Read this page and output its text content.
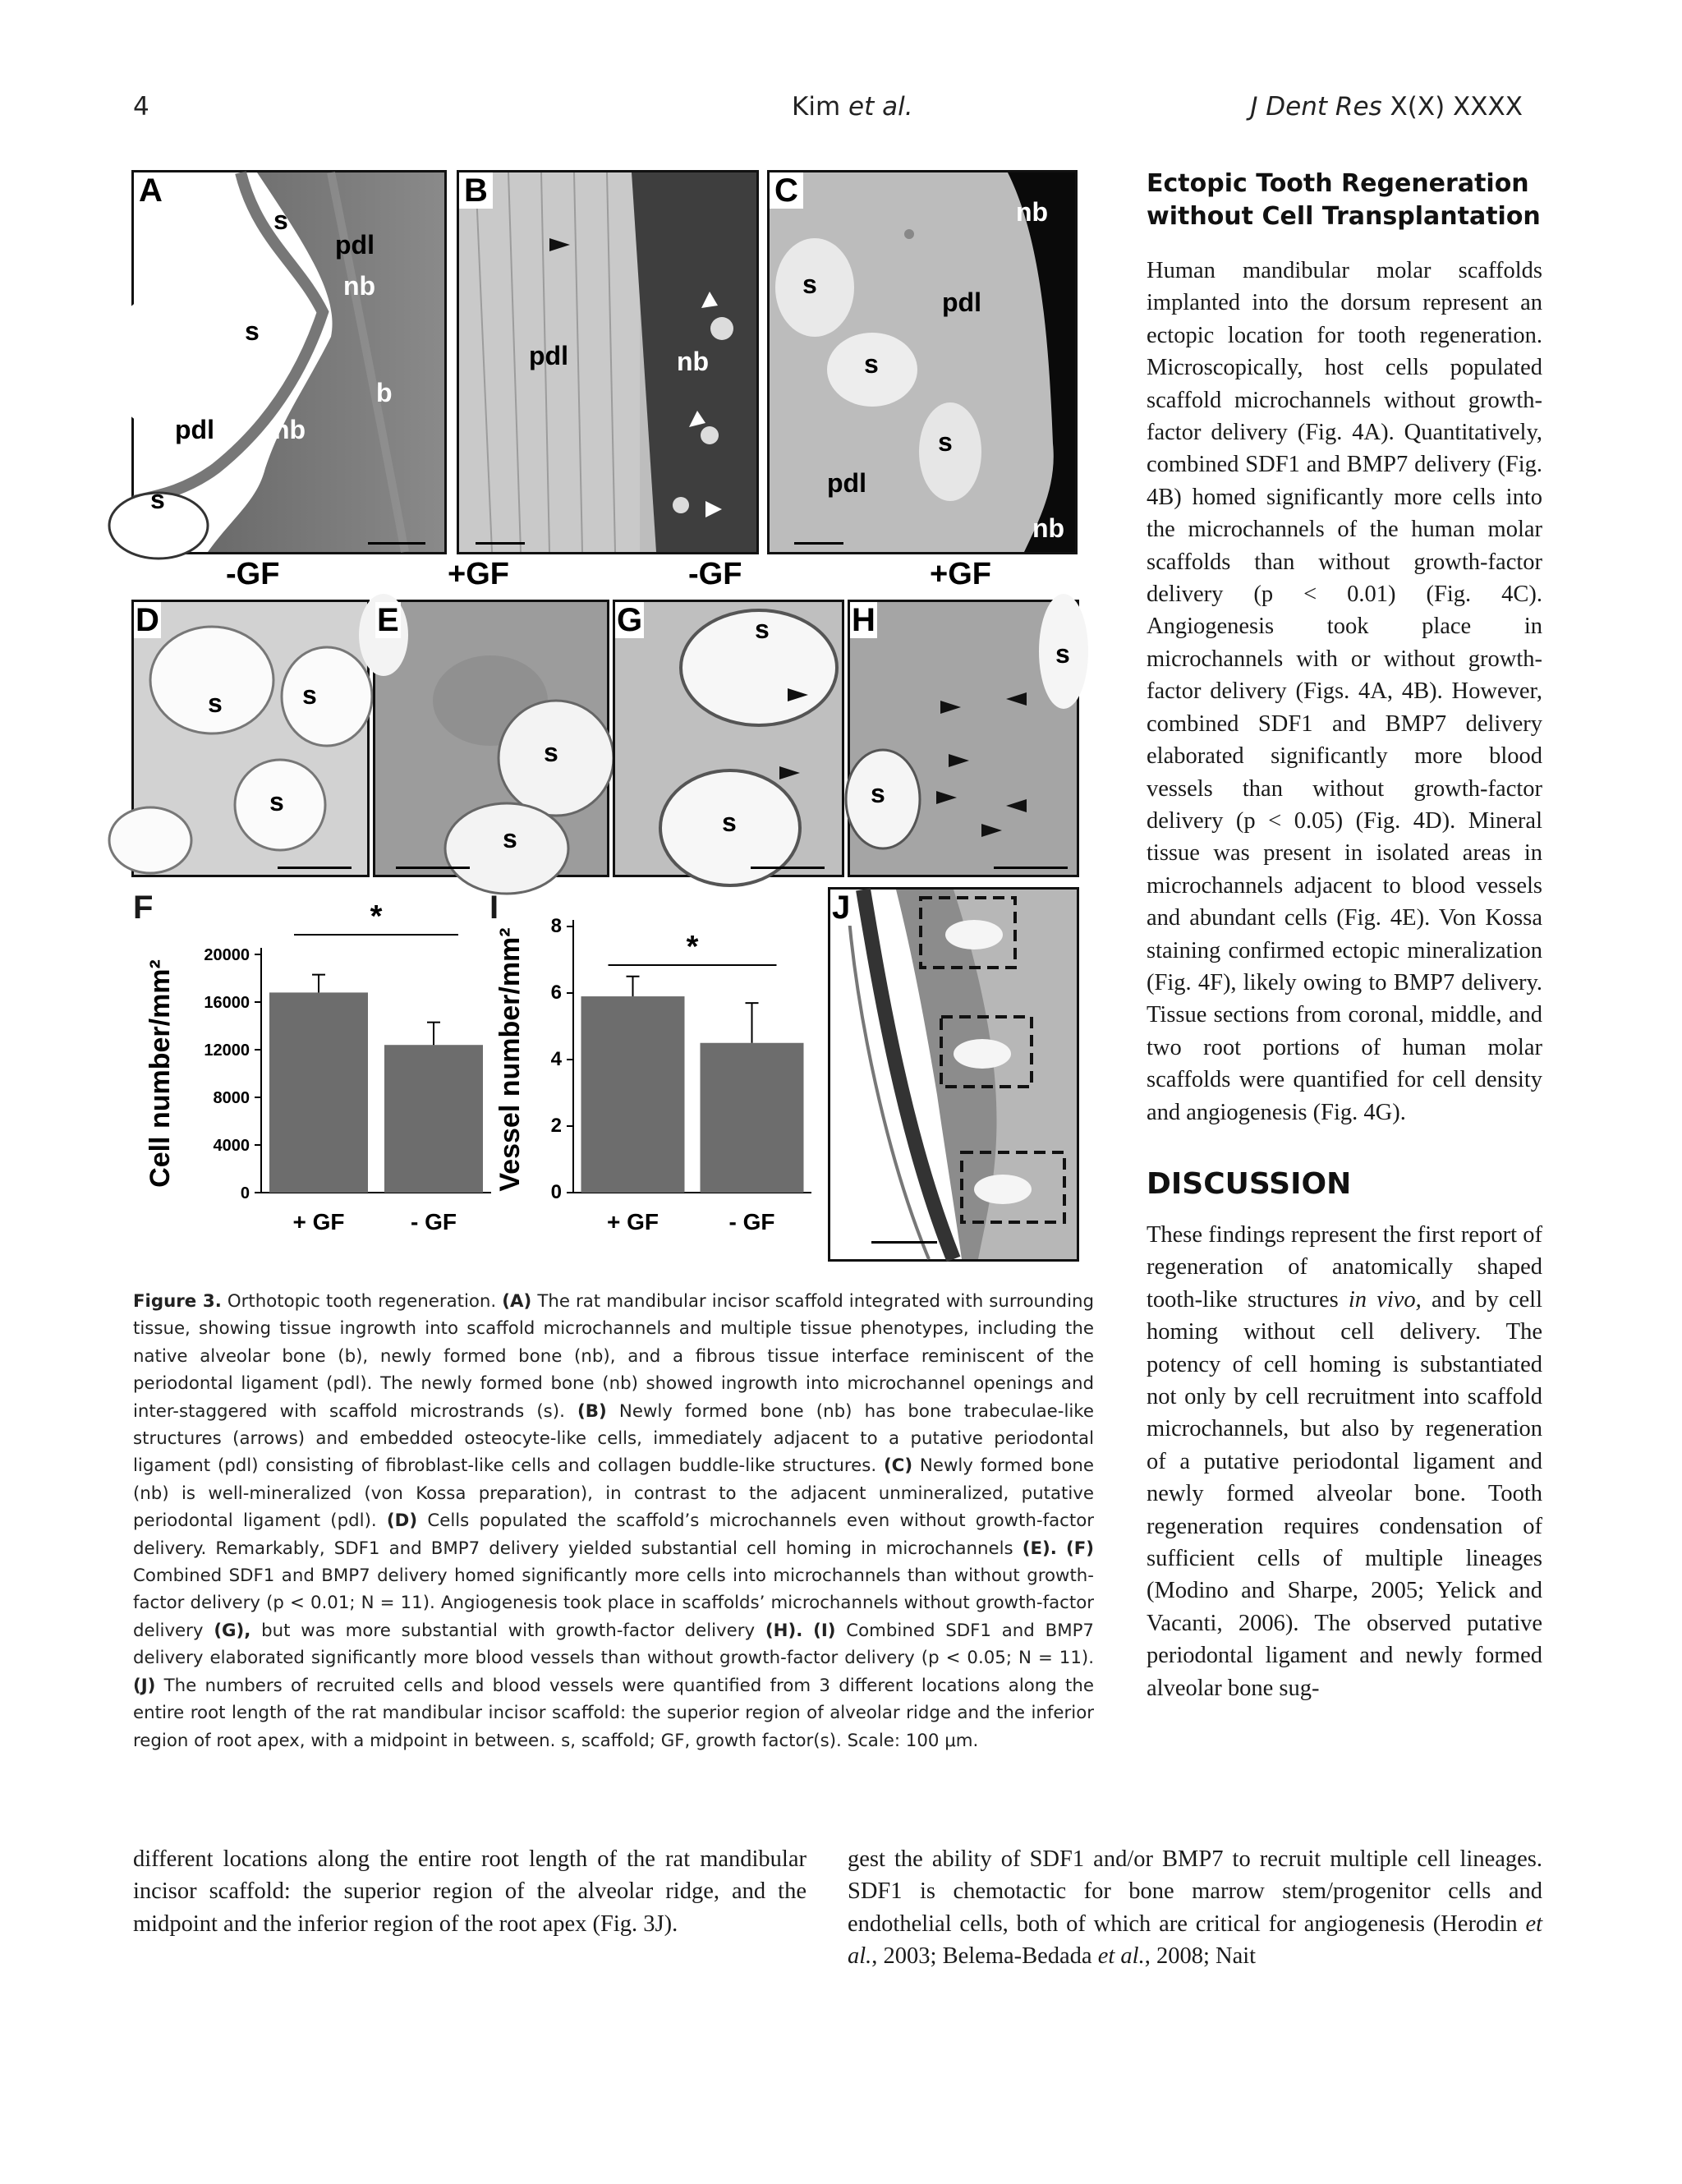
4	Kim et al.	J Dent Res X(X) XXXX
A
s
pdl
nb
s
b
pdl nb
s
B
pdl	nb
C
nb
s
pdl
s
s
pdl
nb
-GF	+GF	-GF	+GF
D
s	s
s
E
s
s
G	s
s
H
s
s
F	I
Cell number/mm²
0
4000
8000
12000
16000
20000
+ GF	- GF
*
Vessel number/mm²
0
2
4
6
8
+ GF	- GF
*
J
Figure 3. Orthotopic tooth regeneration. (A) The rat mandibular incisor scaffold integrated with surrounding tissue, showing tissue ingrowth into scaffold microchannels and multiple tissue phenotypes, including the native alveolar bone (b), newly formed bone (nb), and a fibrous tissue interface reminiscent of the periodontal ligament (pdl). The newly formed bone (nb) showed ingrowth into microchannel openings and inter-staggered with scaffold microstrands (s). (B) Newly formed bone (nb) has bone trabeculae-like structures (arrows) and embedded osteocyte-like cells, immediately adjacent to a putative periodontal ligament (pdl) consisting of fibroblast-like cells and collagen buddle-like structures. (C) Newly formed bone (nb) is well-mineralized (von Kossa preparation), in contrast to the adjacent unmineralized, putative periodontal ligament (pdl). (D) Cells populated the scaffold’s microchannels even without growth-factor delivery. Remarkably, SDF1 and BMP7 delivery yielded substantial cell homing in microchannels (E). (F) Combined SDF1 and BMP7 delivery homed significantly more cells into microchannels than without growth-factor delivery (p < 0.01; N = 11). Angiogenesis took place in scaffolds’ microchannels without growth-factor delivery (G), but was more substantial with growth-factor delivery (H). (I) Combined SDF1 and BMP7 delivery elaborated significantly more blood vessels than without growth-factor delivery (p < 0.05; N = 11). (J) The numbers of recruited cells and blood vessels were quantified from 3 different locations along the entire root length of the rat mandibular incisor scaffold: the superior region of alveolar ridge and the inferior region of root apex, with a midpoint in between. s, scaffold; GF, growth factor(s). Scale: 100 μm.
Ectopic Tooth Regeneration
without Cell Transplantation
Human mandibular molar scaffolds implanted into the dorsum represent an ectopic location for tooth regeneration. Microscopically, host cells populated scaffold microchannels without growth-factor delivery (Fig. 4A). Quantitatively, combined SDF1 and BMP7 delivery (Fig. 4B) homed significantly more cells into the microchannels of the human molar scaffolds than without growth-factor delivery (p < 0.01) (Fig. 4C). Angiogenesis took place in microchannels with or without growth-factor delivery (Figs. 4A, 4B). However, combined SDF1 and BMP7 delivery elaborated significantly more blood vessels than without growth-factor delivery (p < 0.05) (Fig. 4D). Mineral tissue was present in isolated areas in microchannels adjacent to blood vessels and abundant cells (Fig. 4E). Von Kossa staining confirmed ectopic mineralization (Fig. 4F), likely owing to BMP7 delivery. Tissue sections from coronal, middle, and two root portions of human molar scaffolds were quantified for cell density and angiogenesis (Fig. 4G).
DISCUSSION
These findings represent the first report of regeneration of anatomically shaped tooth-like structures in vivo, and by cell homing without cell delivery. The potency of cell homing is substantiated not only by cell recruitment into scaffold microchannels, but also by regeneration of a putative periodontal ligament and newly formed alveolar bone. Tooth regeneration requires condensation of sufficient cells of multiple lineages (Modino and Sharpe, 2005; Yelick and Vacanti, 2006). The observed putative periodontal ligament and newly formed alveolar bone sug-
different locations along the entire root length of the rat mandibular incisor scaffold: the superior region of the alveolar ridge, and the midpoint and the inferior region of the root apex (Fig. 3J).
gest the ability of SDF1 and/or BMP7 to recruit multiple cell lineages. SDF1 is chemotactic for bone marrow stem/progenitor cells and endothelial cells, both of which are critical for angiogenesis (Herodin et al., 2003; Belema-Bedada et al., 2008; Nait
